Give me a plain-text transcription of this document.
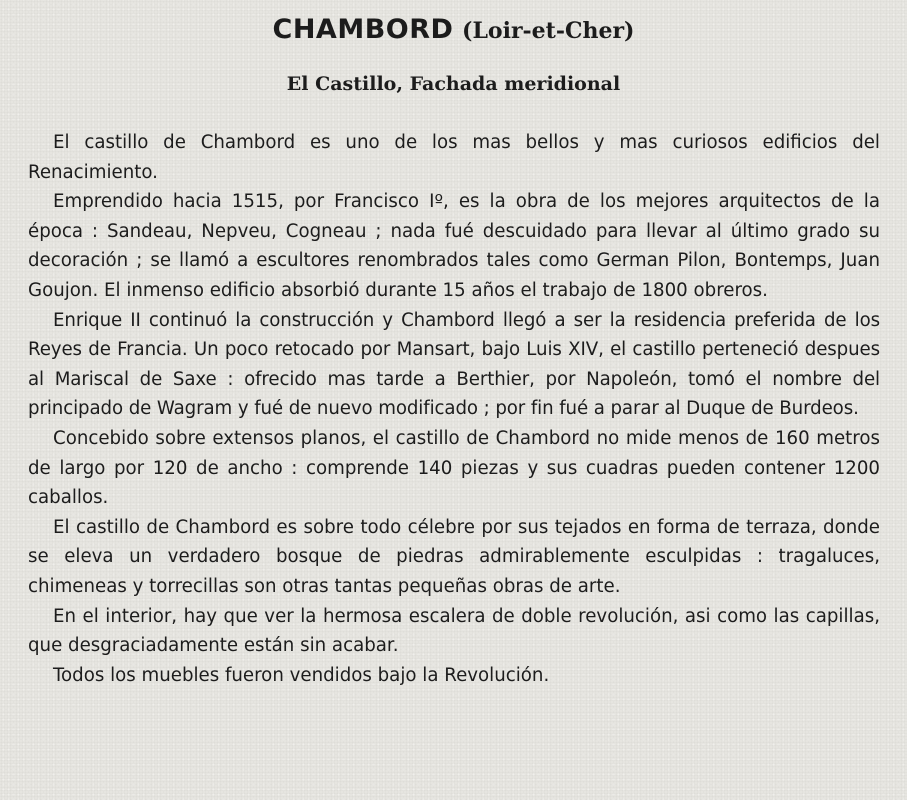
CHAMBORD (Loir-et-Cher)
El Castillo, Fachada meridional

El castillo de Chambord es uno de los mas bellos y mas curiosos edificios del Renacimiento.

Emprendido hacia 1515, por Francisco Iº, es la obra de los mejores arquitectos de la época : Sandeau, Nepveu, Cogneau ; nada fué descuidado para llevar al último grado su decoración ; se llamó a escultores renombrados tales como German Pilon, Bontemps, Juan Goujon. El inmenso edificio absorbió durante 15 años el trabajo de 1800 obreros.

Enrique II continuó la construcción y Chambord llegó a ser la residencia preferida de los Reyes de Francia. Un poco retocado por Mansart, bajo Luis XIV, el castillo perteneció despues al Mariscal de Saxe : ofrecido mas tarde a Berthier, por Napoleón, tomó el nombre del principado de Wagram y fué de nuevo modificado ; por fin fué a parar al Duque de Burdeos.

Concebido sobre extensos planos, el castillo de Chambord no mide menos de 160 metros de largo por 120 de ancho : comprende 140 piezas y sus cuadras pueden contener 1200 caballos.

El castillo de Chambord es sobre todo célebre por sus tejados en forma de terraza, donde se eleva un verdadero bosque de piedras admirablemente esculpidas : tragaluces, chimeneas y torrecillas son otras tantas pequeñas obras de arte.

En el interior, hay que ver la hermosa escalera de doble revolución, asi como las capillas, que desgraciadamente están sin acabar.

Todos los muebles fueron vendidos bajo la Revolución.
